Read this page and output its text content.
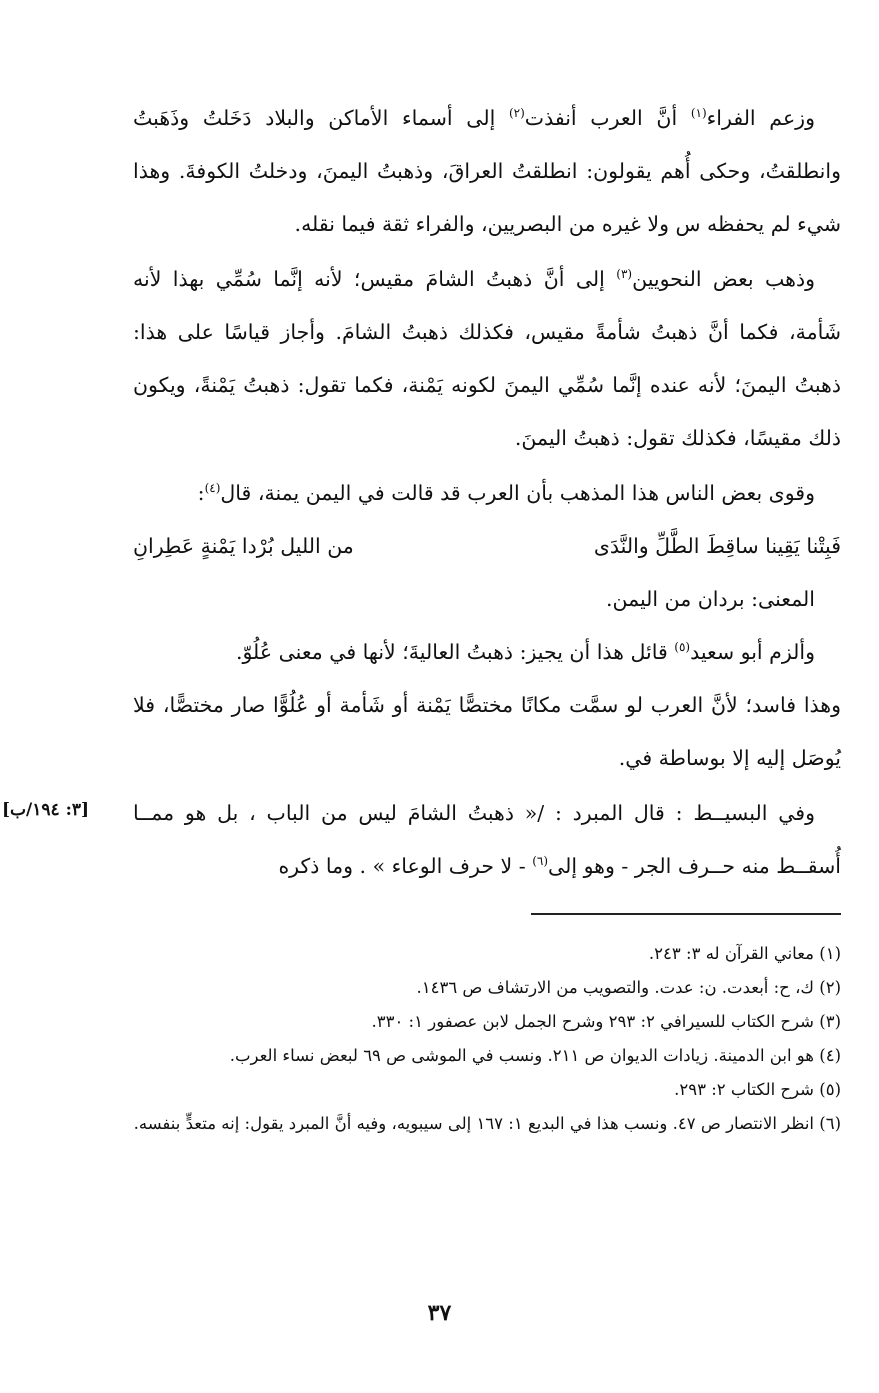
وزعم الفراء$^{(١)}$ أنَّ العرب أنفذت$^{(٢)}$ إلى أسماء الأماكن والبلاد دَخَلتُ وذَهَبتُ وانطلقتُ، وحكى أُهم يقولون: انطلقتُ العراقَ، وذهبتُ اليمنَ، ودخلتُ الكوفةَ. وهذا شيء لم يحفظه س ولا غيره من البصريين، والفراء ثقة فيما نقله.

وذهب بعض النحويين$^{(٣)}$ إلى أنَّ ذهبتُ الشامَ مقيس؛ لأنه إنَّما سُمِّي بهذا لأنه شَأمة، فكما أنَّ ذهبتُ شأمةً مقيس، فكذلك ذهبتُ الشامَ. وأجاز قياسًا على هذا: ذهبتُ اليمنَ؛ لأنه عنده إنَّما سُمِّي اليمنَ لكونه يَمْنة، فكما تقول: ذهبتُ يَمْنةً، ويكون ذلك مقيسًا، فكذلك تقول: ذهبتُ اليمنَ.

وقوى بعض الناس هذا المذهب بأن العرب قد قالت في اليمن يمنة، قال$^{(٤)}$:

فَبِتْنا يَقِينا ساقِطَ الطَّلِّ والنَّدَى
من الليل بُرْدا يَمْنةٍ عَطِرانِ

المعنى: بردان من اليمن.

وألزم أبو سعيد$^{(٥)}$ قائل هذا أن يجيز: ذهبتُ العاليةَ؛ لأنها في معنى عُلُوّ.

وهذا فاسد؛ لأنَّ العرب لو سمَّت مكانًا مختصًّا يَمْنة أو شَأمة أو عُلُوًّا صار مختصًّا، فلا يُوصَل إليه إلا بوساطة في.

وفي البسيــط : قال المبرد : /« ذهبتُ الشامَ ليس من الباب ، بل هو ممــا أُسقــط منه حــرف الجر - وهو إلى$^{(٦)}$ - لا حرف الوعاء » . وما ذكره

[٣: ١٩٤/ب]

(١) معاني القرآن له ٣: ٢٤٣.

(٢) ك، ح: أبعدت. ن: عدت. والتصويب من الارتشاف ص ١٤٣٦.

(٣) شرح الكتاب للسيرافي ٢: ٢٩٣ وشرح الجمل لابن عصفور ١: ٣٣٠.

(٤) هو ابن الدمينة. زيادات الديوان ص ٢١١. ونسب في الموشى ص ٦٩ لبعض نساء العرب.

(٥) شرح الكتاب ٢: ٢٩٣.

(٦) انظر الانتصار ص ٤٧. ونسب هذا في البديع ١: ١٦٧ إلى سيبويه، وفيه أنَّ المبرد يقول: إنه متعدٍّ بنفسه.

٣٧
